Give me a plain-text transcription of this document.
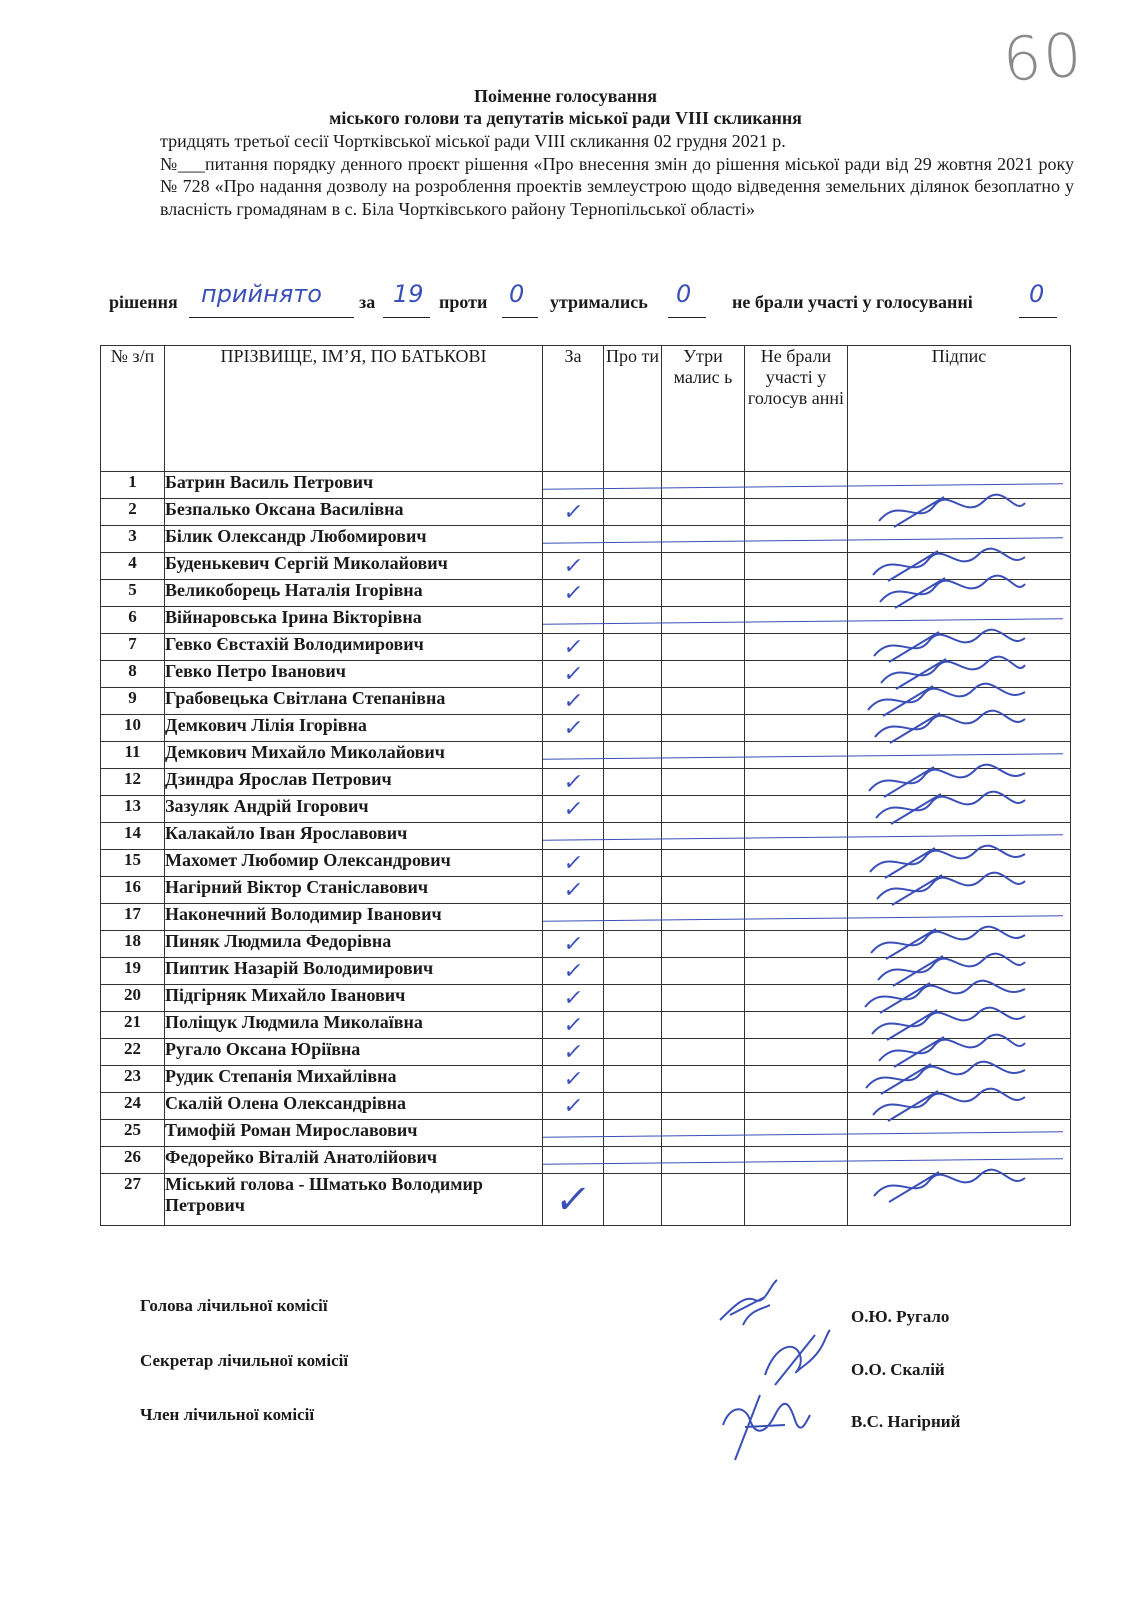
60
Поіменне голосування
міського голови та депутатів міської ради VIII скликання

тридцять третьої сесії Чортківської міської ради VIII скликання 02 грудня 2021 р.

№___питання порядку денного проєкт рішення «Про внесення змін до рішення міської ради від 29 жовтня 2021 року № 728 «Про надання дозволу на розроблення проектів землеустрою щодо відведення земельних ділянок безоплатно у власність громадянам в с. Біла Чортківського району Тернопільської області»

рішення прийнято за 19 проти 0 утримались 0 не брали участі у голосуванні 0
№ з/п	ПРІЗВИЩЕ, ІМ’Я, ПО БАТЬКОВІ	За	Про ти	Утри малис ь	Не брали участі у голосув анні	Підпис
1	Батрин Василь Петрович	

2	Безпалько Оксана Василівна	✓				

3	Білик Олександр Любомирович	

4	Буденькевич Сергій Миколайович	✓				

5	Великоборець Наталія Ігорівна	✓				

6	Війнаровська Ірина Вікторівна	

7	Гевко Євстахій Володимирович	✓				

8	Гевко Петро Іванович	✓				

9	Грабовецька Світлана Степанівна	✓				

10	Демкович Лілія Ігорівна	✓				

11	Демкович Михайло Миколайович	

12	Дзиндра Ярослав Петрович	✓				

13	Зазуляк Андрій Ігорович	✓				

14	Калакайло Іван Ярославович	

15	Махомет Любомир Олександрович	✓				

16	Нагірний Віктор Станіславович	✓				

17	Наконечний Володимир Іванович	

18	Пиняк Людмила Федорівна	✓				

19	Пиптик Назарій Володимирович	✓				

20	Підгірняк Михайло Іванович	✓				

21	Поліщук Людмила Миколаївна	✓				

22	Ругало Оксана Юріївна	✓				

23	Рудик Степанія Михайлівна	✓				

24	Скалій Олена Олександрівна	✓				

25	Тимофій Роман Мирославович	

26	Федорейко Віталій Анатолійович	

27	Міський голова - Шматько Володимир Петрович	✓				
Голова лічильної комісії
Секретар лічильної комісії
Член лічильної комісії
О.Ю. Ругало
О.О. Скалій
В.С. Нагірний
